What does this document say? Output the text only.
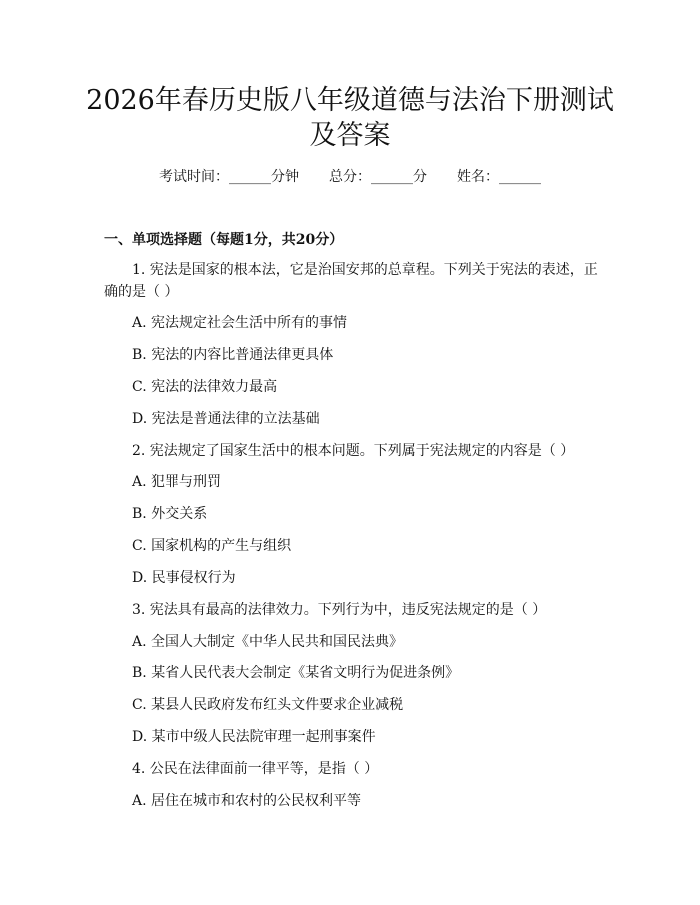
2026年春历史版八年级道德与法治下册测试
及答案
考试时间：______分钟 总分：______分 姓名：______
一、单项选择题（每题1分，共20分）
1. 宪法是国家的根本法，它是治国安邦的总章程。下列关于宪法的表述，正
确的是（ ）
A. 宪法规定社会生活中所有的事情
B. 宪法的内容比普通法律更具体
C. 宪法的法律效力最高
D. 宪法是普通法律的立法基础
2. 宪法规定了国家生活中的根本问题。下列属于宪法规定的内容是（ ）
A. 犯罪与刑罚
B. 外交关系
C. 国家机构的产生与组织
D. 民事侵权行为
3. 宪法具有最高的法律效力。下列行为中，违反宪法规定的是（ ）
A. 全国人大制定《中华人民共和国民法典》
B. 某省人民代表大会制定《某省文明行为促进条例》
C. 某县人民政府发布红头文件要求企业减税
D. 某市中级人民法院审理一起刑事案件
4. 公民在法律面前一律平等，是指（ ）
A. 居住在城市和农村的公民权利平等
